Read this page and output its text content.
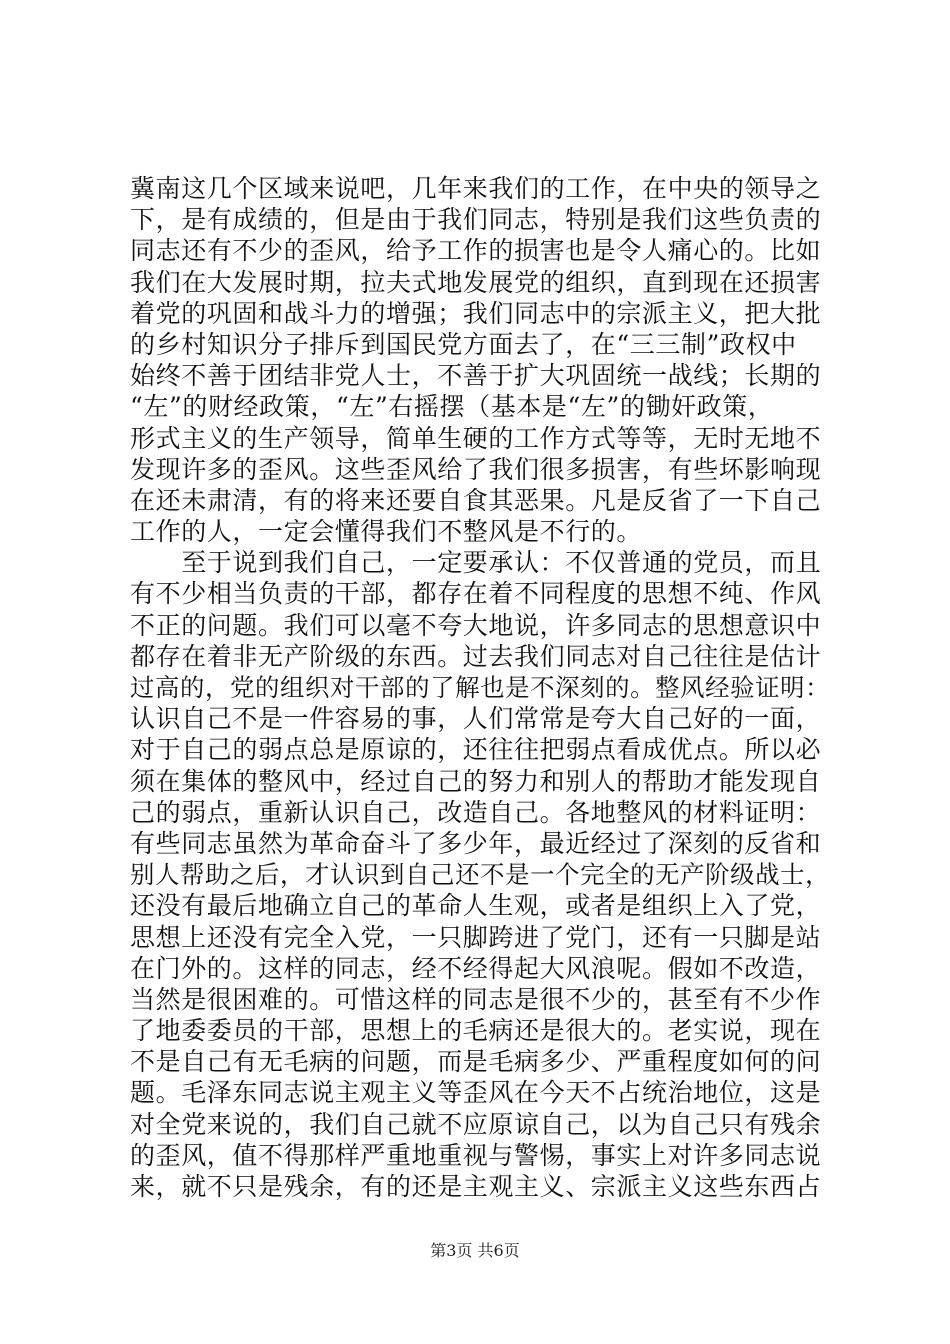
冀南这几个区域来说吧，几年来我们的工作，在中央的领导之
下，是有成绩的，但是由于我们同志，特别是我们这些负责的
同志还有不少的歪风，给予工作的损害也是令人痛心的。比如
我们在大发展时期，拉夫式地发展党的组织，直到现在还损害
着党的巩固和战斗力的增强；我们同志中的宗派主义，把大批
的乡村知识分子排斥到国民党方面去了，在“三三制”政权中
始终不善于团结非党人士，不善于扩大巩固统一战线；长期的
“左”的财经政策，“左”右摇摆（基本是“左”的锄奸政策，
形式主义的生产领导，简单生硬的工作方式等等，无时无地不
发现许多的歪风。这些歪风给了我们很多损害，有些坏影响现
在还未肃清，有的将来还要自食其恶果。凡是反省了一下自己
工作的人，一定会懂得我们不整风是不行的。
　　至于说到我们自己，一定要承认：不仅普通的党员，而且
有不少相当负责的干部，都存在着不同程度的思想不纯、作风
不正的问题。我们可以毫不夸大地说，许多同志的思想意识中
都存在着非无产阶级的东西。过去我们同志对自己往往是估计
过高的，党的组织对干部的了解也是不深刻的。整风经验证明：
认识自己不是一件容易的事，人们常常是夸大自己好的一面，
对于自己的弱点总是原谅的，还往往把弱点看成优点。所以必
须在集体的整风中，经过自己的努力和别人的帮助才能发现自
己的弱点，重新认识自己，改造自己。各地整风的材料证明：
有些同志虽然为革命奋斗了多少年，最近经过了深刻的反省和
别人帮助之后，才认识到自己还不是一个完全的无产阶级战士，
还没有最后地确立自己的革命人生观，或者是组织上入了党，
思想上还没有完全入党，一只脚跨进了党门，还有一只脚是站
在门外的。这样的同志，经不经得起大风浪呢。假如不改造，
当然是很困难的。可惜这样的同志是很不少的，甚至有不少作
了地委委员的干部，思想上的毛病还是很大的。老实说，现在
不是自己有无毛病的问题，而是毛病多少、严重程度如何的问
题。毛泽东同志说主观主义等歪风在今天不占统治地位，这是
对全党来说的，我们自己就不应原谅自己，以为自己只有残余
的歪风，值不得那样严重地重视与警惕，事实上对许多同志说
来，就不只是残余，有的还是主观主义、宗派主义这些东西占
第3页 共6页
